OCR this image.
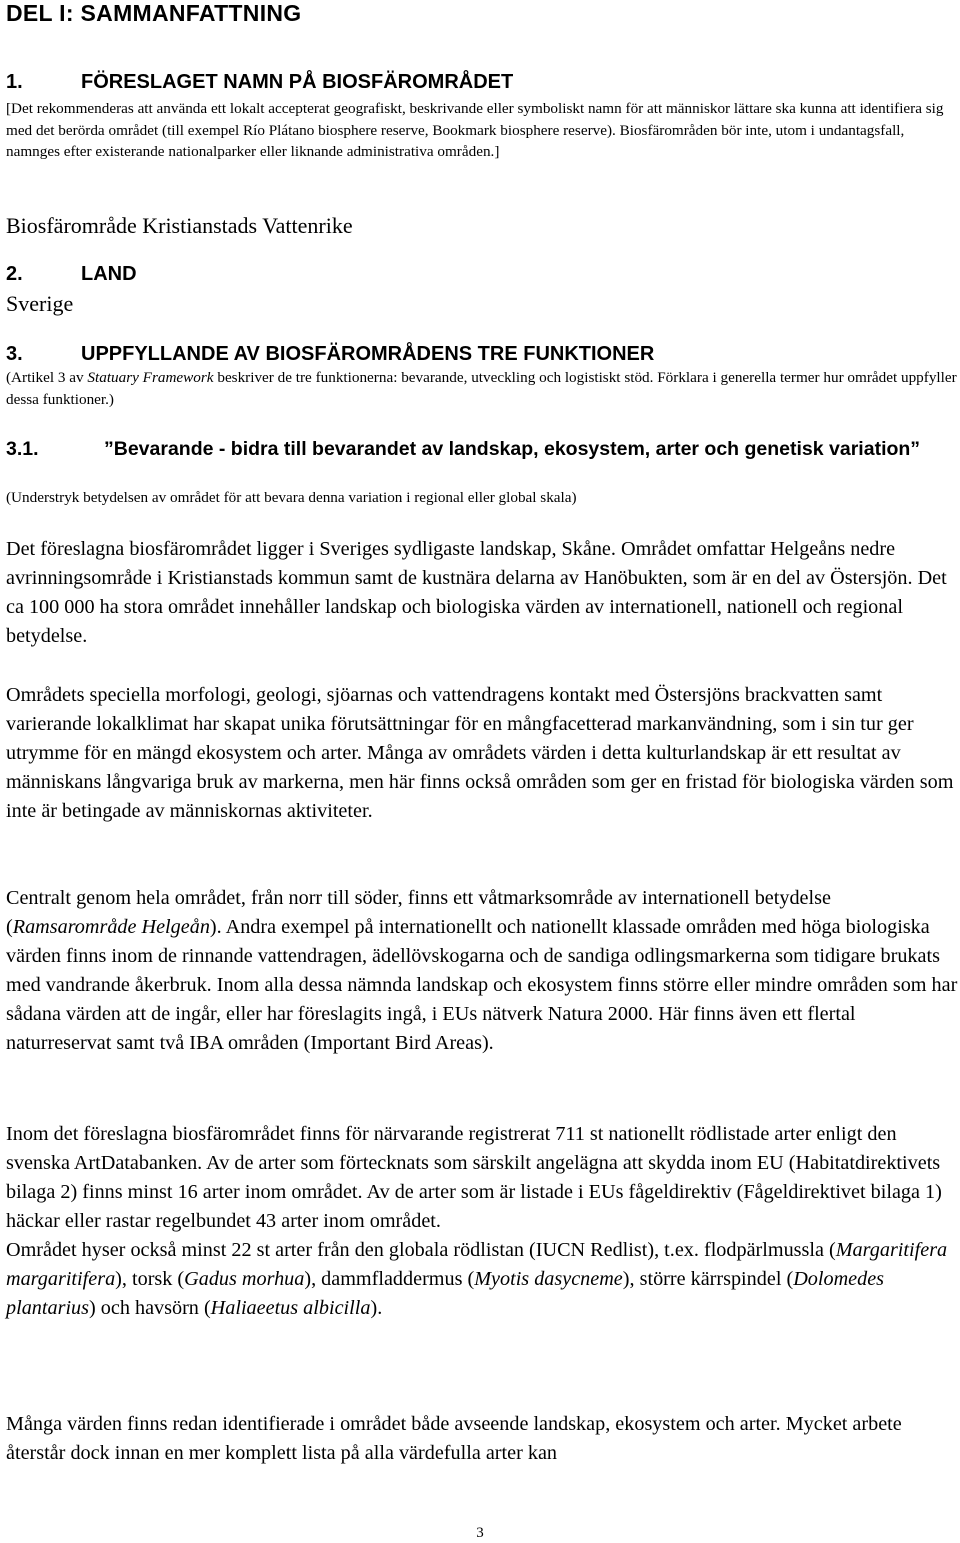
DEL I: SAMMANFATTNING
1.	FÖRESLAGET NAMN PÅ BIOSFÄROMRÅDET
[Det rekommenderas att använda ett lokalt accepterat geografiskt, beskrivande eller symboliskt namn för att människor lättare ska kunna att identifiera sig med det berörda området (till exempel Río Plátano biosphere reserve, Bookmark biosphere reserve). Biosfärområden bör inte, utom i undantagsfall, namnges efter existerande nationalparker eller liknande administrativa områden.]
Biosfärområde Kristianstads Vattenrike
2.	LAND
Sverige
3.	UPPFYLLANDE AV BIOSFÄROMRÅDENS TRE FUNKTIONER
(Artikel 3 av Statuary Framework beskriver de tre funktionerna: bevarande, utveckling och logistiskt stöd. Förklara i generella termer hur området uppfyller dessa funktioner.)
3.1.	”Bevarande - bidra till bevarandet av landskap, ekosystem, arter och genetisk variation”
(Understryk betydelsen av området för att bevara denna variation i regional eller global skala)
Det föreslagna biosfärområdet ligger i Sveriges sydligaste landskap, Skåne. Området omfattar Helgeåns nedre avrinningsområde i Kristianstads kommun samt de kustnära delarna av Hanöbukten, som är en del av Östersjön. Det ca 100 000 ha stora området innehåller landskap och biologiska värden av internationell, nationell och regional betydelse.
Områdets speciella morfologi, geologi, sjöarnas och vattendragens kontakt med Östersjöns brackvatten samt varierande lokalklimat har skapat unika förutsättningar för en mångfacetterad markanvändning, som i sin tur ger utrymme för en mängd ekosystem och arter. Många av områdets värden i detta kulturlandskap är ett resultat av människans långvariga bruk av markerna, men här finns också områden som ger en fristad för biologiska värden som inte är betingade av människornas aktiviteter.
Centralt genom hela området, från norr till söder, finns ett våtmarksområde av internationell betydelse (Ramsarområde Helgeån). Andra exempel på internationellt och nationellt klassade områden med höga biologiska värden finns inom de rinnande vattendragen, ädellövskogarna och de sandiga odlingsmarkerna som tidigare brukats med vandrande åkerbruk. Inom alla dessa nämnda landskap och ekosystem finns större eller mindre områden som har sådana värden att de ingår, eller har föreslagits ingå, i EUs nätverk Natura 2000. Här finns även ett flertal naturreservat samt två IBA områden (Important Bird Areas).
Inom det föreslagna biosfärområdet finns för närvarande registrerat 711 st nationellt rödlistade arter enligt den svenska ArtDatabanken. Av de arter som förtecknats som särskilt angelägna att skydda inom EU (Habitatdirektivets bilaga 2) finns minst 16 arter inom området. Av de arter som är listade i EUs fågeldirektiv (Fågeldirektivet bilaga 1) häckar eller rastar regelbundet 43 arter inom området.
Området hyser också minst 22 st arter från den globala rödlistan (IUCN Redlist), t.ex. flodpärlmussla (Margaritifera margaritifera), torsk (Gadus morhua), dammfladdermus (Myotis dasycneme), större kärrspindel (Dolomedes plantarius) och havsörn (Haliaeetus albicilla).
Många värden finns redan identifierade i området både avseende landskap, ekosystem och arter. Mycket arbete återstår dock innan en mer komplett lista på alla värdefulla arter kan
3
